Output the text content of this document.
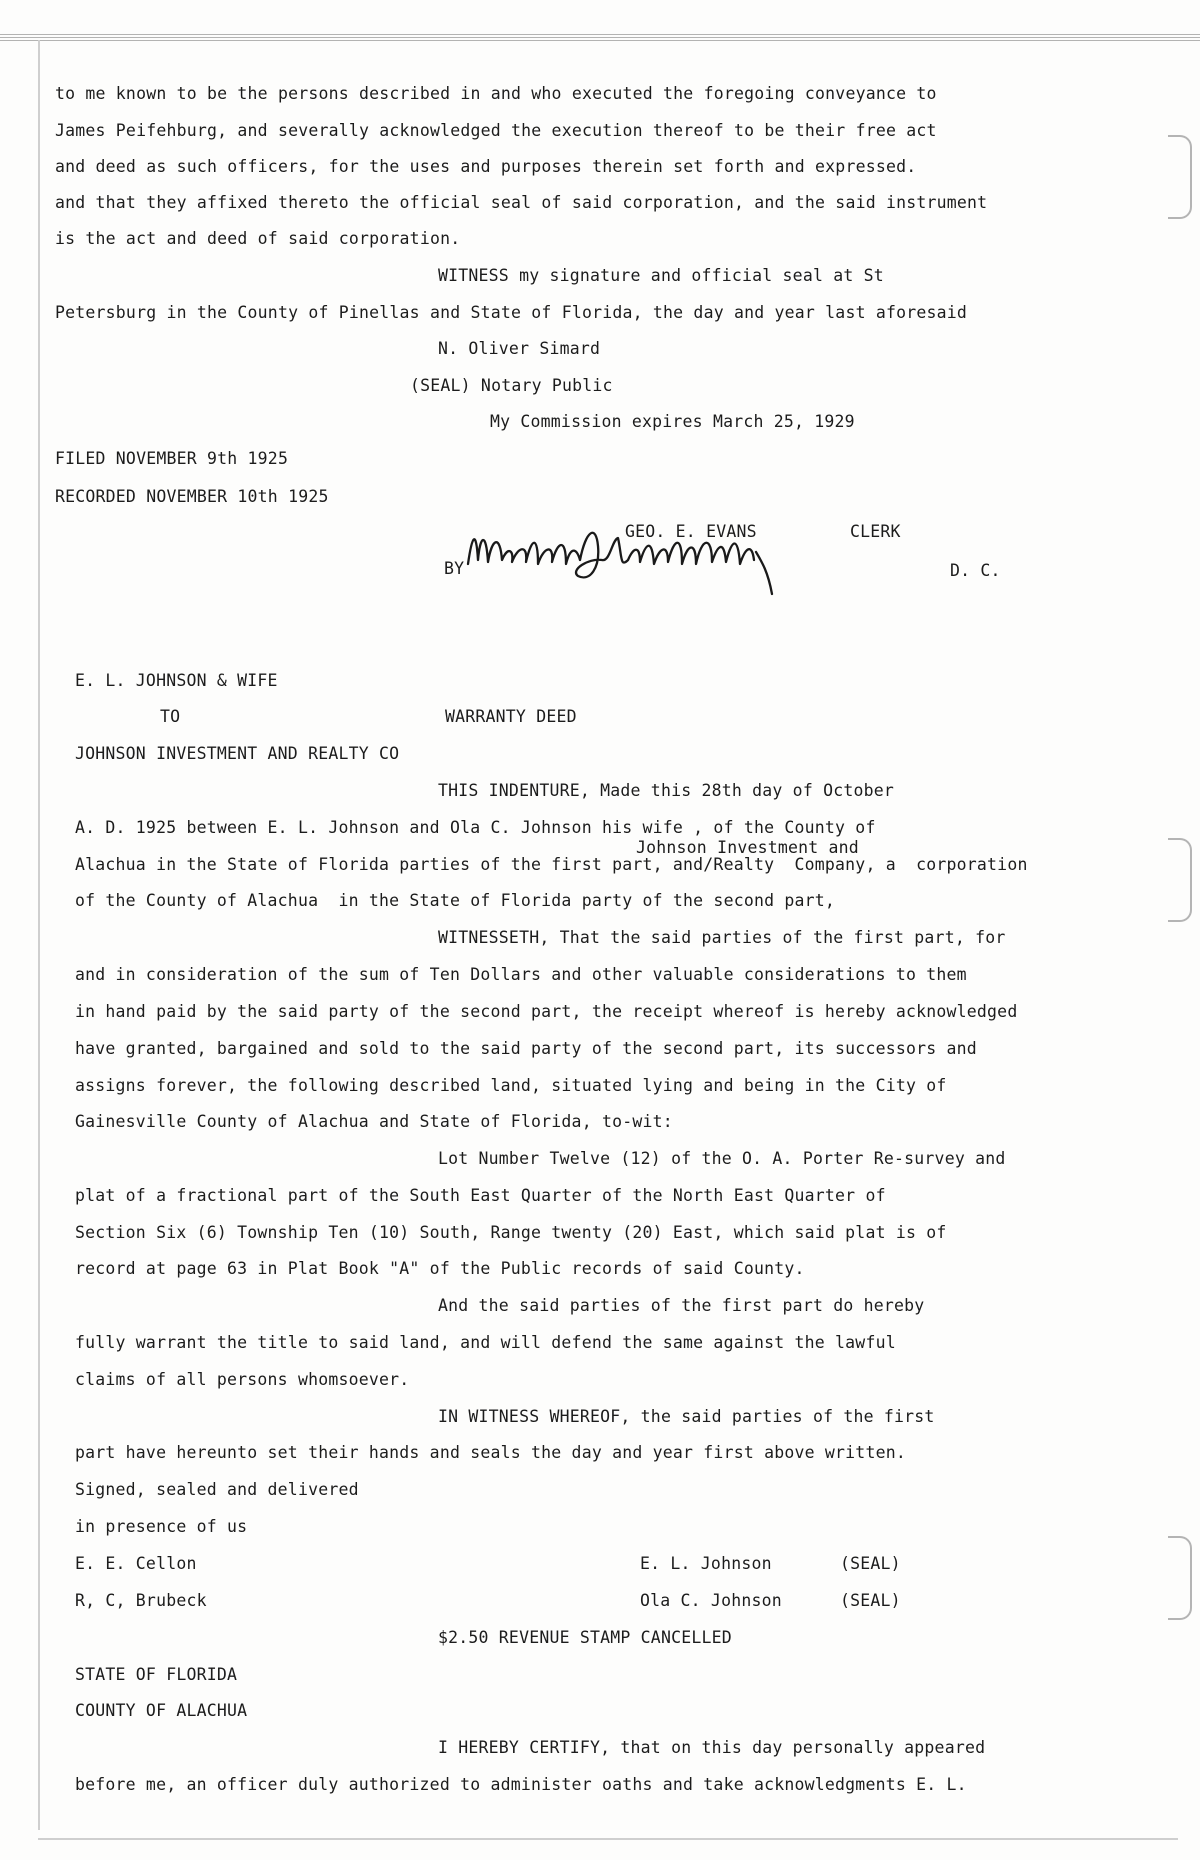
to me known to be the persons described in and who executed the foregoing conveyance to
James Peifehburg, and severally acknowledged the execution thereof to be their free act
and deed as such officers, for the uses and purposes therein set forth and expressed.
and that they affixed thereto the official seal of said corporation, and the said instrument
is the act and deed of said corporation.
WITNESS my signature and official seal at St
Petersburg in the County of Pinellas and State of Florida, the day and year last aforesaid
N. Oliver Simard
(SEAL) Notary Public
My Commission expires March 25, 1929
FILED NOVEMBER 9th 1925
RECORDED NOVEMBER 10th 1925
GEO. E. EVANS	CLERK
BY	D. C.
E. L. JOHNSON & WIFE
TO	WARRANTY DEED
JOHNSON INVESTMENT AND REALTY CO
THIS INDENTURE, Made this 28th day of October
A. D. 1925 between E. L. Johnson and Ola C. Johnson his wife , of the County of
Johnson Investment and
Alachua in the State of Florida parties of the first part, and/Realty  Company, a  corporation
of the County of Alachua  in the State of Florida party of the second part,
WITNESSETH, That the said parties of the first part, for
and in consideration of the sum of Ten Dollars and other valuable considerations to them
in hand paid by the said party of the second part, the receipt whereof is hereby acknowledged
have granted, bargained and sold to the said party of the second part, its successors and
assigns forever, the following described land, situated lying and being in the City of
Gainesville County of Alachua and State of Florida, to-wit:
Lot Number Twelve (12) of the O. A. Porter Re-survey and
plat of a fractional part of the South East Quarter of the North East Quarter of
Section Six (6) Township Ten (10) South, Range twenty (20) East, which said plat is of
record at page 63 in Plat Book "A" of the Public records of said County.
And the said parties of the first part do hereby
fully warrant the title to said land, and will defend the same against the lawful
claims of all persons whomsoever.
IN WITNESS WHEREOF, the said parties of the first
part have hereunto set their hands and seals the day and year first above written.
Signed, sealed and delivered
in presence of us
E. E. Cellon	E. L. Johnson	(SEAL)
R, C, Brubeck	Ola C. Johnson	(SEAL)
$2.50 REVENUE STAMP CANCELLED
STATE OF FLORIDA
COUNTY OF ALACHUA
I HEREBY CERTIFY, that on this day personally appeared
before me, an officer duly authorized to administer oaths and take acknowledgments E. L.
